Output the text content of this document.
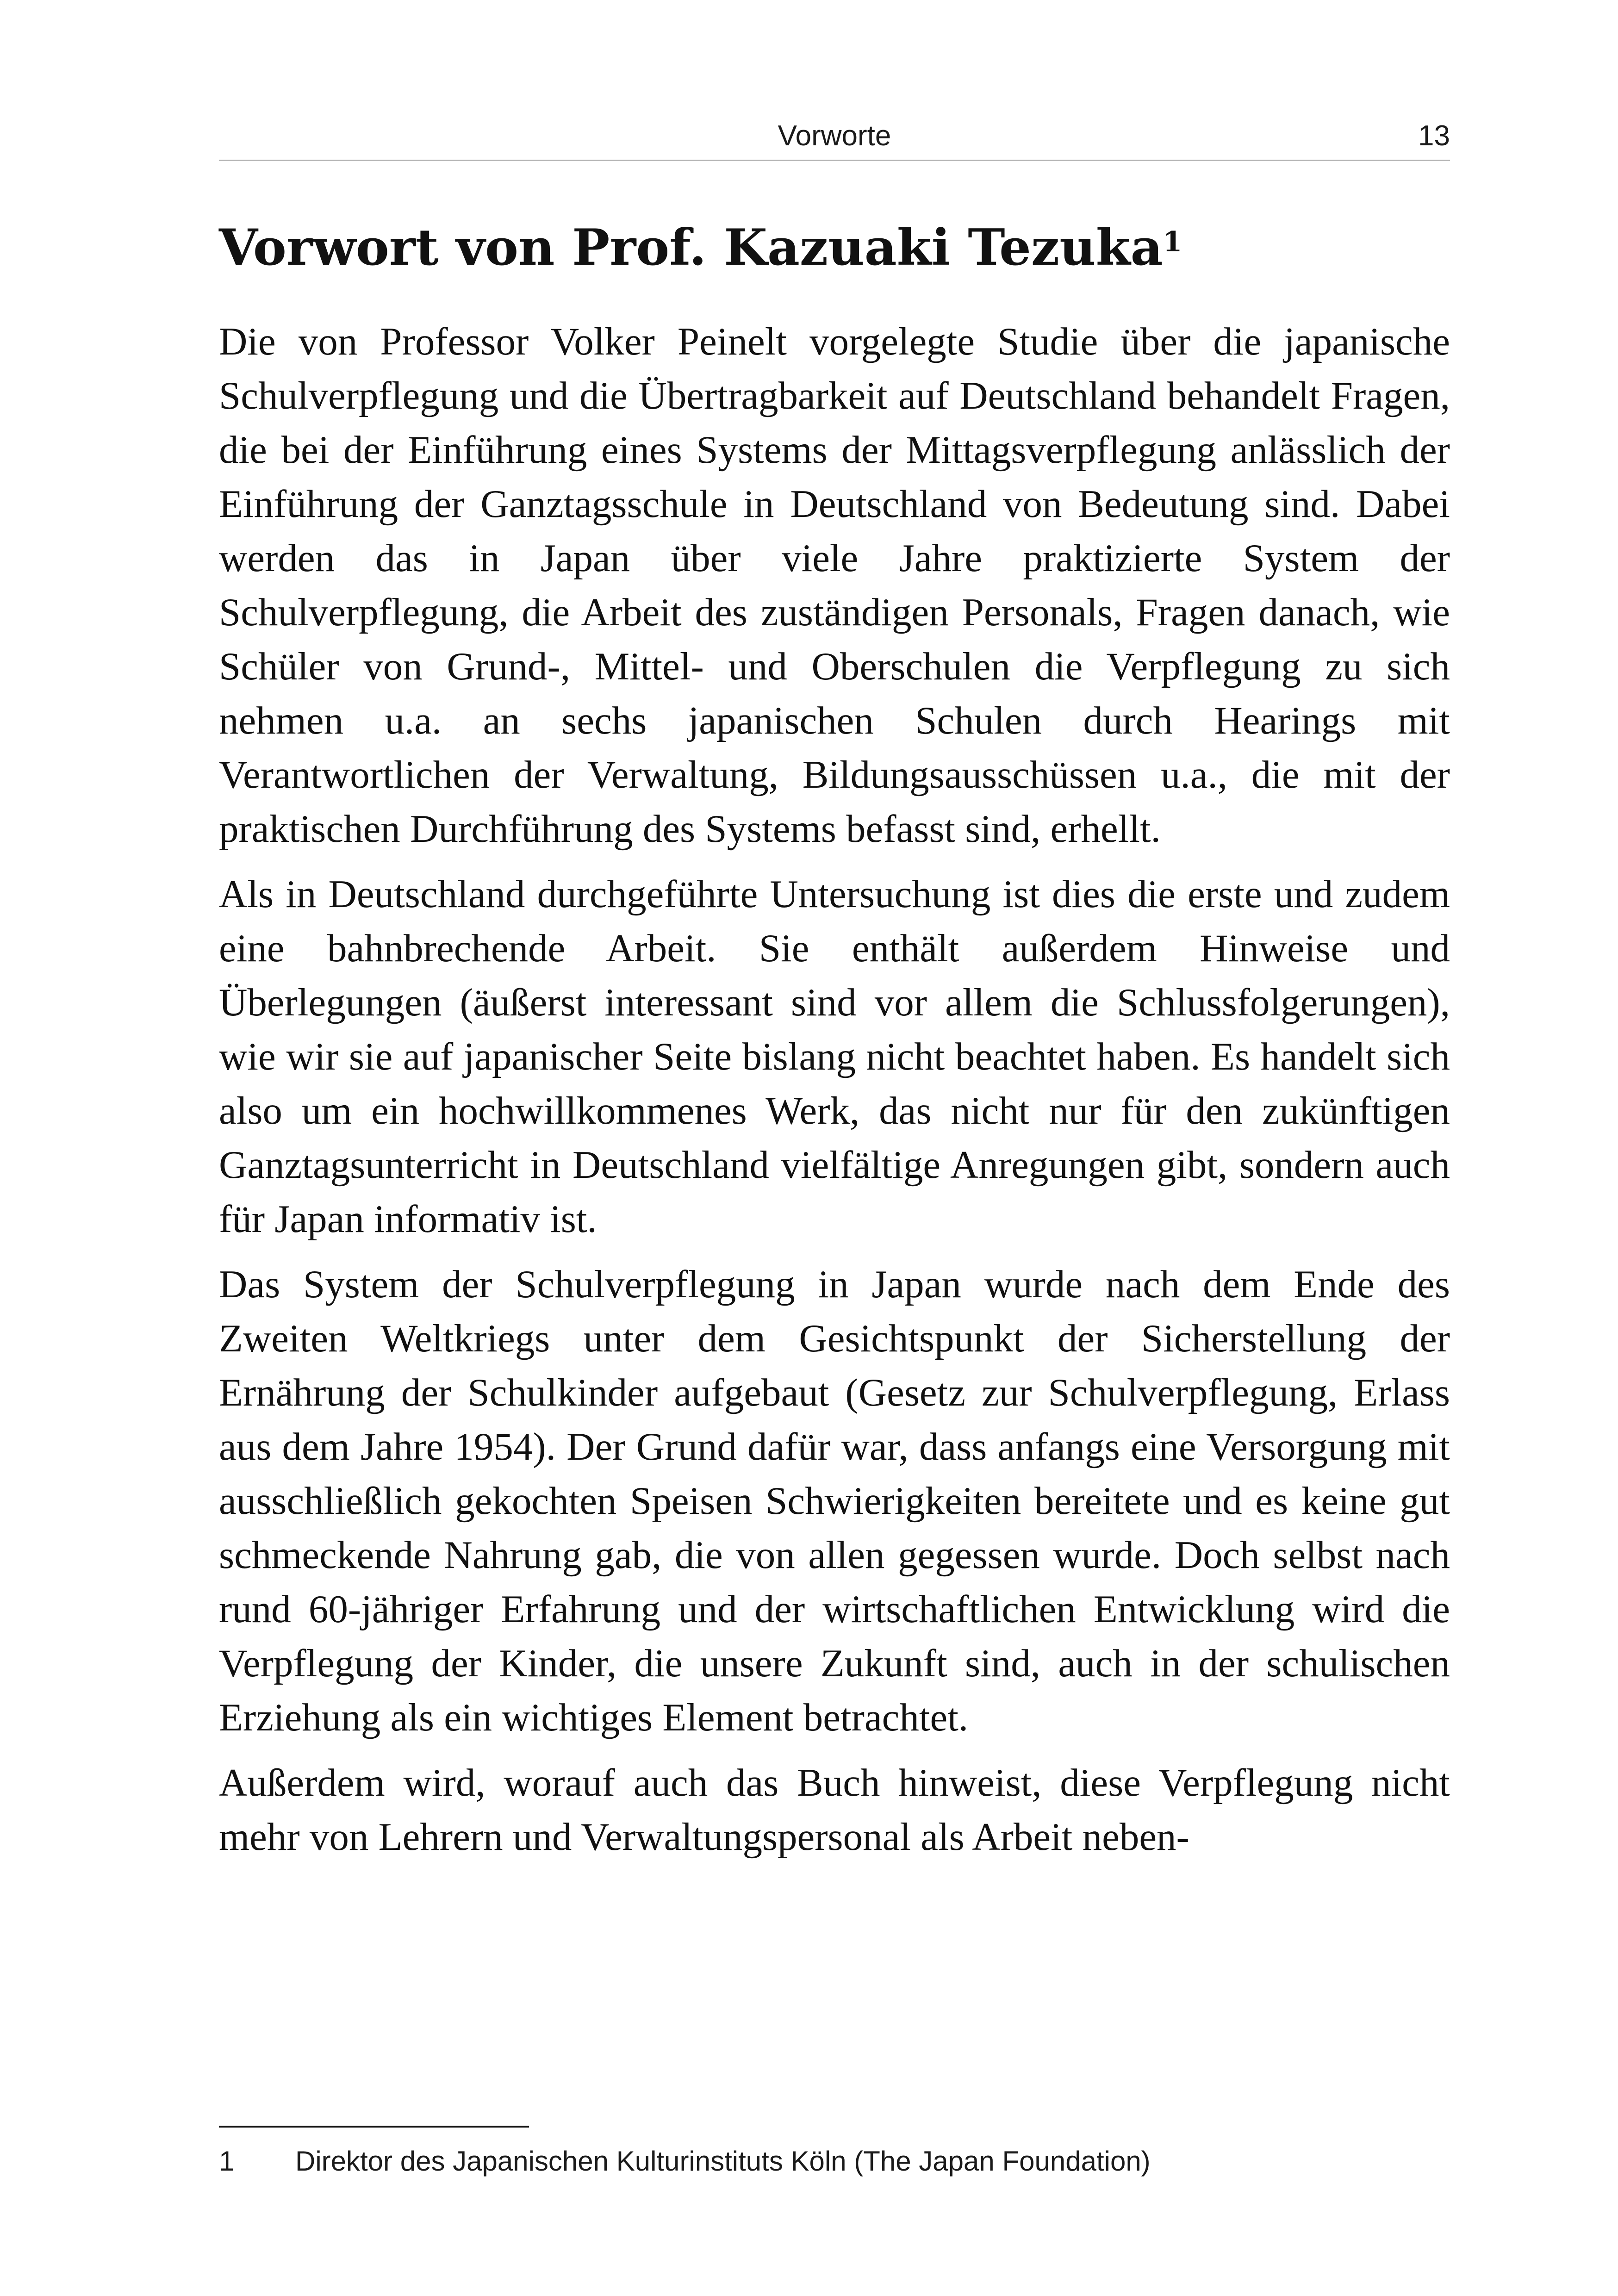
Vorworte	13
Vorwort von Prof. Kazuaki Tezuka$^1$

Die von Professor Volker Peinelt vorgelegte Studie über die japanische Schulverpflegung und die Übertragbarkeit auf Deutschland behandelt Fragen, die bei der Einführung eines Systems der Mittagsverpflegung anlässlich der Einführung der Ganztagsschule in Deutschland von Bedeutung sind. Dabei werden das in Japan über viele Jahre praktizierte System der Schulverpflegung, die Arbeit des zuständigen Personals, Fragen danach, wie Schüler von Grund-, Mittel- und Oberschulen die Verpflegung zu sich nehmen u.a. an sechs japanischen Schulen durch Hearings mit Verantwortlichen der Verwaltung, Bildungsausschüssen u.a., die mit der praktischen Durchführung des Systems befasst sind, erhellt.

Als in Deutschland durchgeführte Untersuchung ist dies die erste und zudem eine bahnbrechende Arbeit. Sie enthält außerdem Hinweise und Überlegungen (äußerst interessant sind vor allem die Schlussfolgerungen), wie wir sie auf japanischer Seite bislang nicht beachtet haben. Es handelt sich also um ein hochwillkommenes Werk, das nicht nur für den zukünftigen Ganztagsunterricht in Deutschland vielfältige Anregungen gibt, sondern auch für Japan informativ ist.

Das System der Schulverpflegung in Japan wurde nach dem Ende des Zweiten Weltkriegs unter dem Gesichtspunkt der Sicherstellung der Ernährung der Schulkinder aufgebaut (Gesetz zur Schulverpflegung, Erlass aus dem Jahre 1954). Der Grund dafür war, dass anfangs eine Versorgung mit ausschließlich gekochten Speisen Schwierigkeiten bereitete und es keine gut schmeckende Nahrung gab, die von allen gegessen wurde. Doch selbst nach rund 60-jähriger Erfahrung und der wirtschaftlichen Entwicklung wird die Verpflegung der Kinder, die unsere Zukunft sind, auch in der schulischen Erziehung als ein wichtiges Element betrachtet.

Außerdem wird, worauf auch das Buch hinweist, diese Verpflegung nicht mehr von Lehrern und Verwaltungspersonal als Arbeit neben-

1 Direktor des Japanischen Kulturinstituts Köln (The Japan Foundation)
